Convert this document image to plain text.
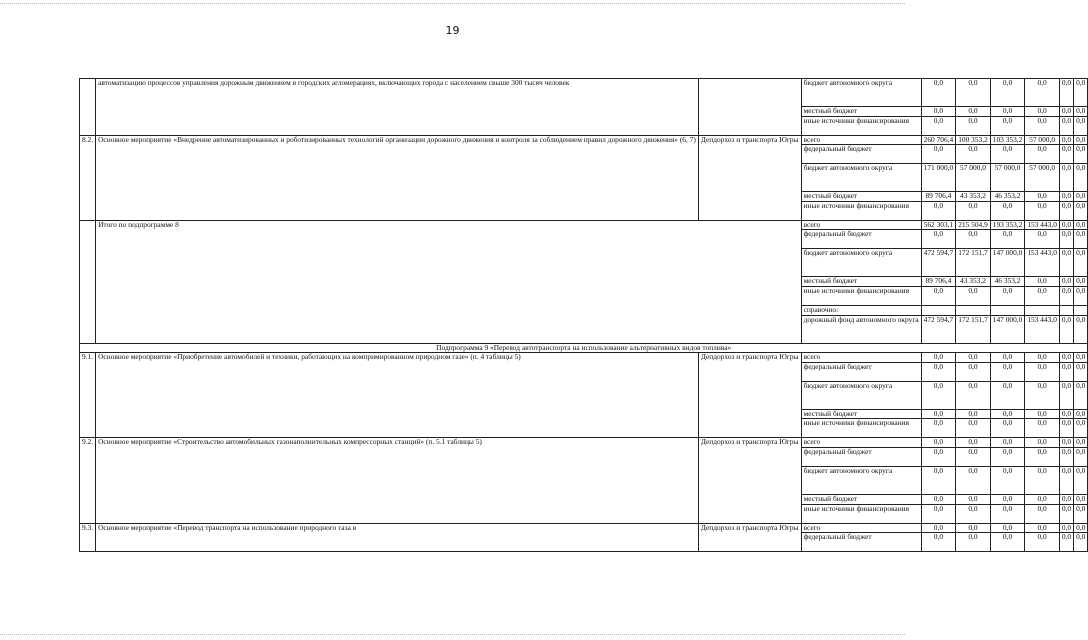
19
	автоматизацию процессов управления дорожным движением в городских агломерациях, включающих города с населением свыше 300 тысяч человек		бюджет автономного округа	0,0	0,0	0,0	0,0	0,0	0,0
			местный бюджет	0,0	0,0	0,0	0,0	0,0	0,0
			иные источники финансирования	0,0	0,0	0,0	0,0	0,0	0,0
8.2.	Основное мероприятие «Внедрение автоматизированных и роботизированных технологий организации дорожного движения и контроля за соблюдением правил дорожного движения» (6, 7)	Депдорхоз и транспорта Югры	всего	260 706,4	100 353,2	103 353,2	57 000,0	0,0	0,0
			федеральный бюджет	0,0	0,0	0,0	0,0	0,0	0,0
			бюджет автономного округа	171 000,0	57 000,0	57 000,0	57 000,0	0,0	0,0
			местный бюджет	89 706,4	43 353,2	46 353,2	0,0	0,0	0,0
			иные источники финансирования	0,0	0,0	0,0	0,0	0,0	0,0
	Итого по подпрограмме 8		всего	562 303,1	215 504,9	193 353,2	153 443,0	0,0	0,0
			федеральный бюджет	0,0	0,0	0,0	0,0	0,0	0,0
			бюджет автономного округа	472 594,7	172 151,7	147 000,0	153 443,0	0,0	0,0
			местный бюджет	89 706,4	43 353,2	46 353,2	0,0	0,0	0,0
			иные источники финансирования	0,0	0,0	0,0	0,0	0,0	0,0
			справочно:						
			дорожный фонд автономного округа	472 594,7	172 151,7	147 000,0	153 443,0	0,0	0,0
Подпрограмма 9 «Перевод автотранспорта на использование альтернативных видов топлива»									
9.1.	Основное мероприятие «Приобретение автомобилей и техники, работающих на компримированном природном газе» (п. 4 таблицы 5)	Депдорхоз и транспорта Югры	всего	0,0	0,0	0,0	0,0	0,0	0,0
			федеральный бюджет	0,0	0,0	0,0	0,0	0,0	0,0
			бюджет автономного округа	0,0	0,0	0,0	0,0	0,0	0,0
			местный бюджет	0,0	0,0	0,0	0,0	0,0	0,0
			иные источники финансирования	0,0	0,0	0,0	0,0	0,0	0,0
9.2.	Основное мероприятие «Строительство автомобильных газонаполнительных компрессорных станций» (п. 5.1 таблицы 5)	Депдорхоз и транспорта Югры	всего	0,0	0,0	0,0	0,0	0,0	0,0
			федеральный бюджет	0,0	0,0	0,0	0,0	0,0	0,0
			бюджет автономного округа	0,0	0,0	0,0	0,0	0,0	0,0
			местный бюджет	0,0	0,0	0,0	0,0	0,0	0,0
			иные источники финансирования	0,0	0,0	0,0	0,0	0,0	0,0
9.3.	Основное мероприятие «Перевод транспорта на использование природного газа в	Депдорхоз и транспорта Югры	всего	0,0	0,0	0,0	0,0	0,0	0,0
			федеральный бюджет	0,0	0,0	0,0	0,0	0,0	0,0
